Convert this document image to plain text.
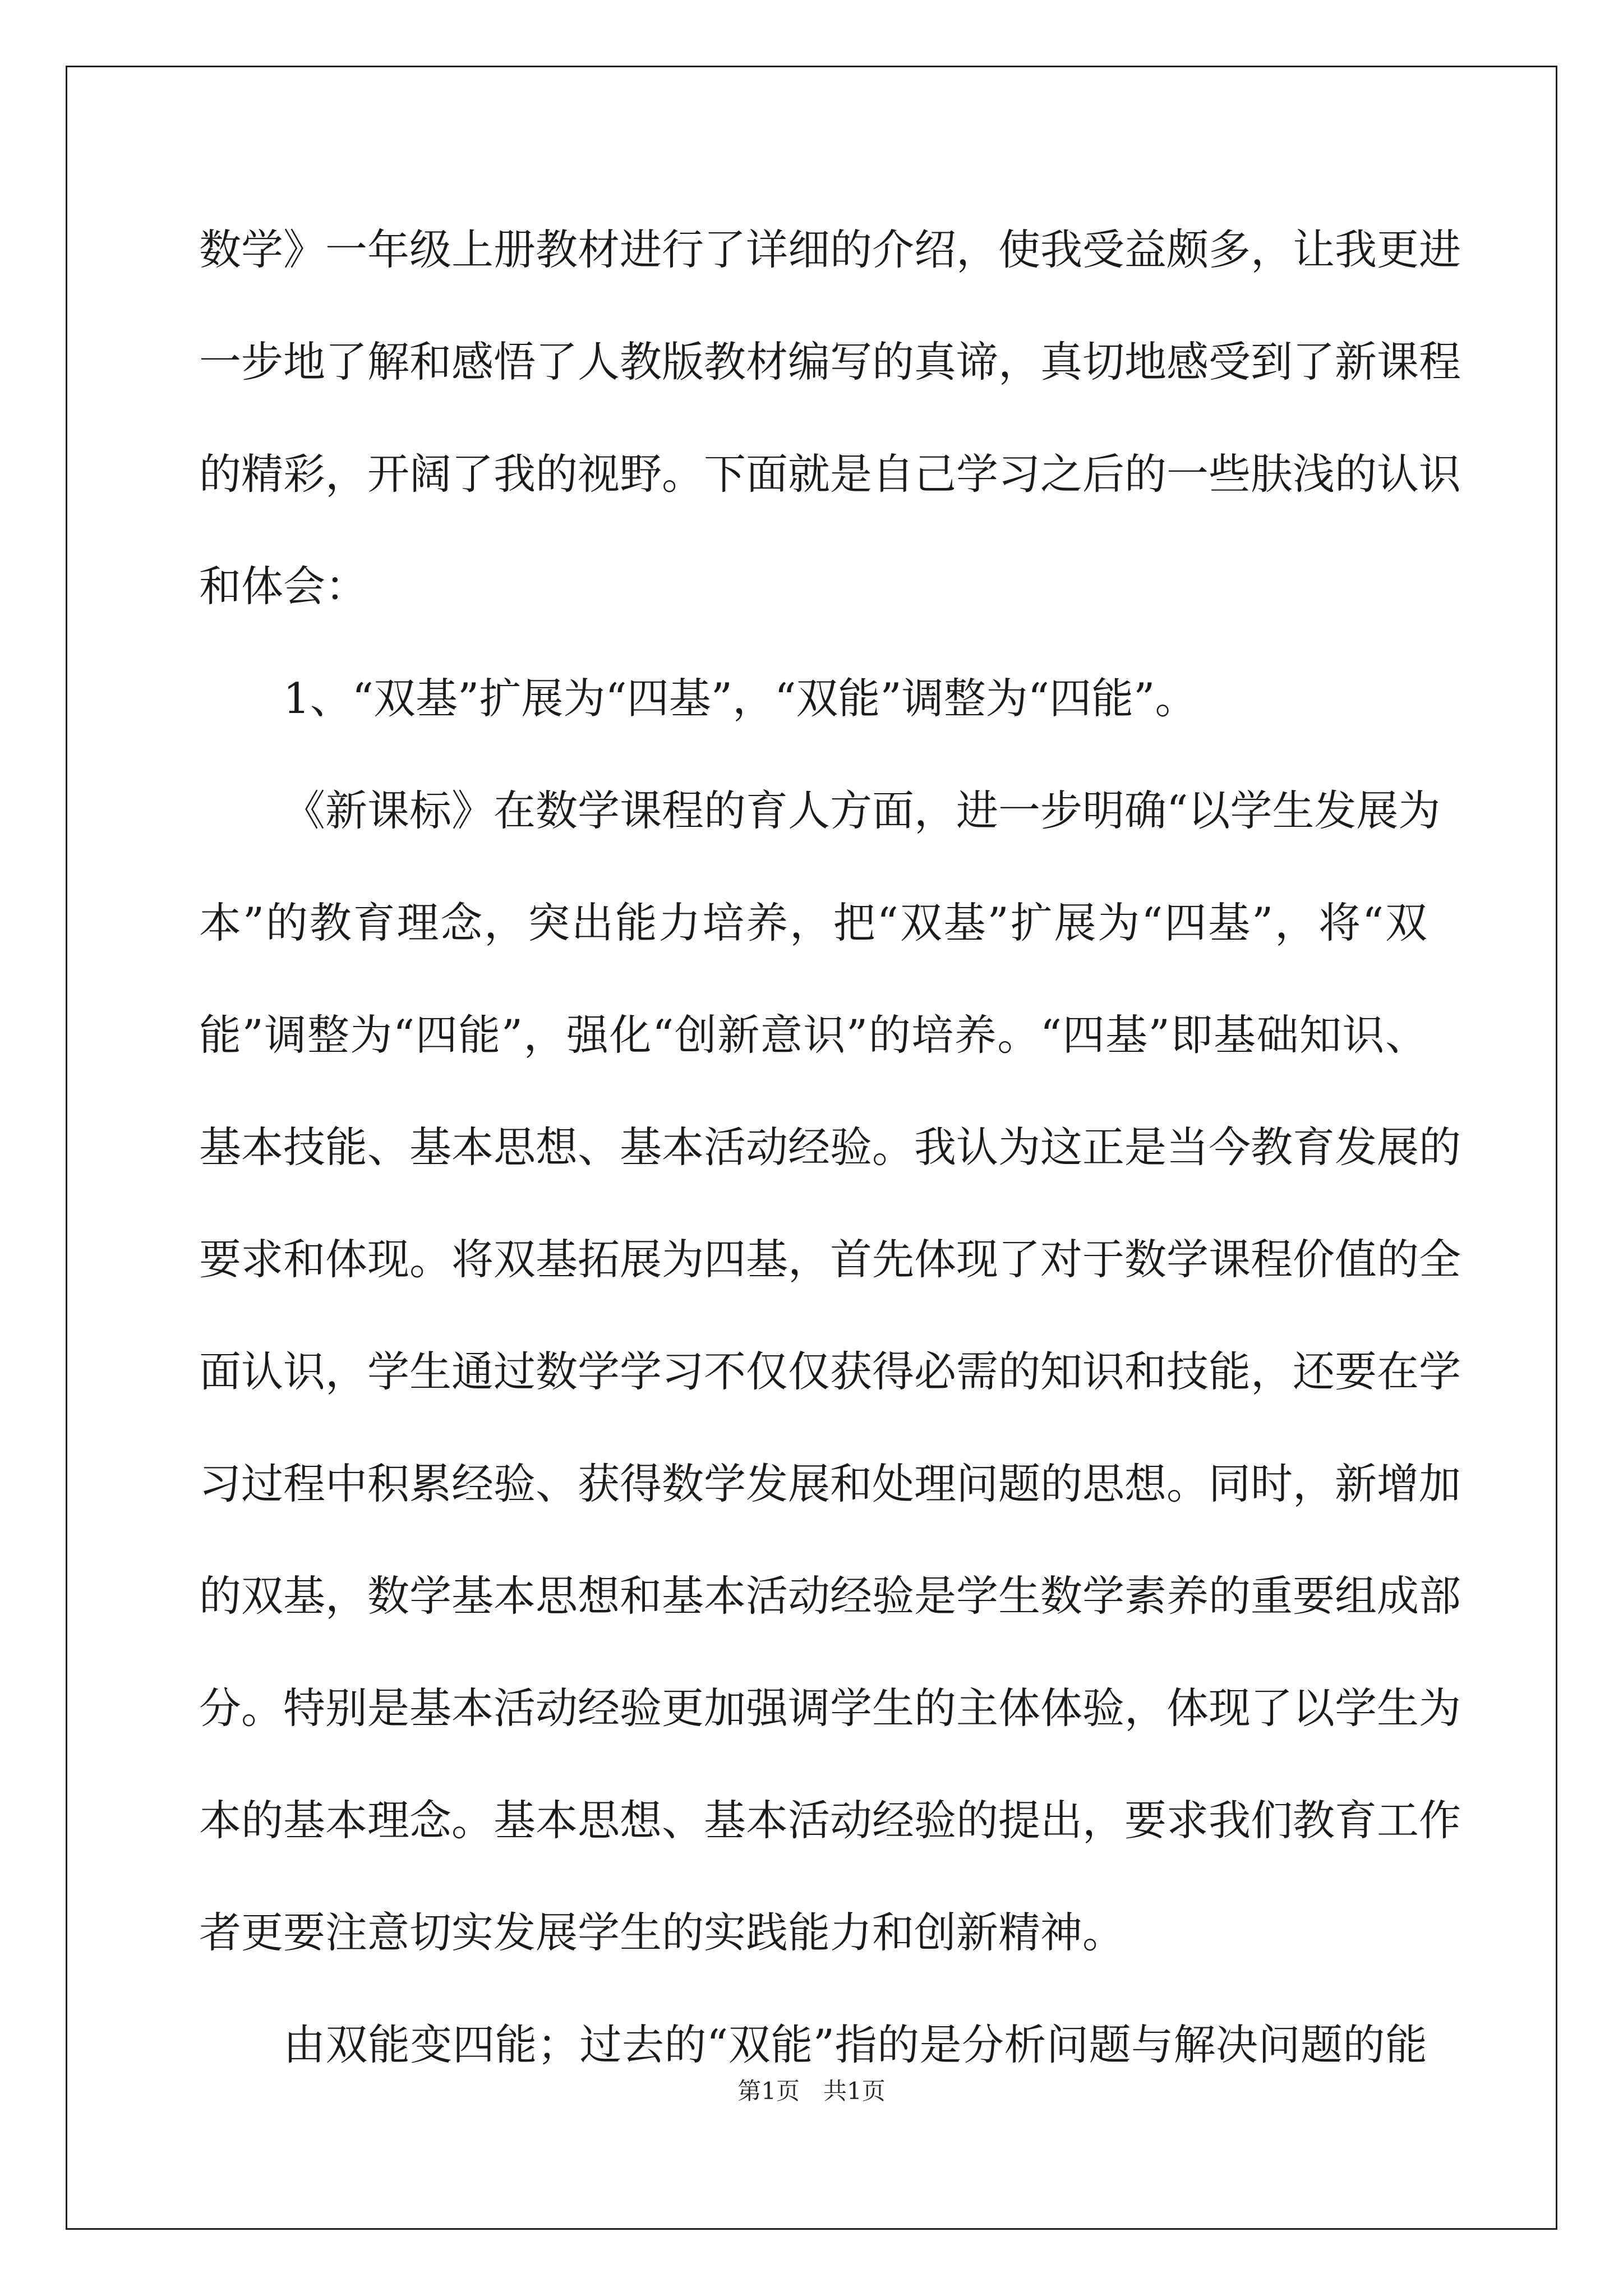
数学》一年级上册教材进行了详细的介绍，使我受益颇多，让我更进
一步地了解和感悟了人教版教材编写的真谛，真切地感受到了新课程
的精彩，开阔了我的视野。下面就是自己学习之后的一些肤浅的认识
和体会：
1、“双基”扩展为“四基”，“双能”调整为“四能”。
《新课标》在数学课程的育人方面，进一步明确“以学生发展为
本”的教育理念，突出能力培养，把“双基”扩展为“四基”，将“双
能”调整为“四能”，强化“创新意识”的培养。“四基”即基础知识、
基本技能、基本思想、基本活动经验。我认为这正是当今教育发展的
要求和体现。将双基拓展为四基，首先体现了对于数学课程价值的全
面认识，学生通过数学学习不仅仅获得必需的知识和技能，还要在学
习过程中积累经验、获得数学发展和处理问题的思想。同时，新增加
的双基，数学基本思想和基本活动经验是学生数学素养的重要组成部
分。特别是基本活动经验更加强调学生的主体体验，体现了以学生为
本的基本理念。基本思想、基本活动经验的提出，要求我们教育工作
者更要注意切实发展学生的实践能力和创新精神。
由双能变四能；过去的“双能”指的是分析问题与解决问题的能
第1页　共1页
